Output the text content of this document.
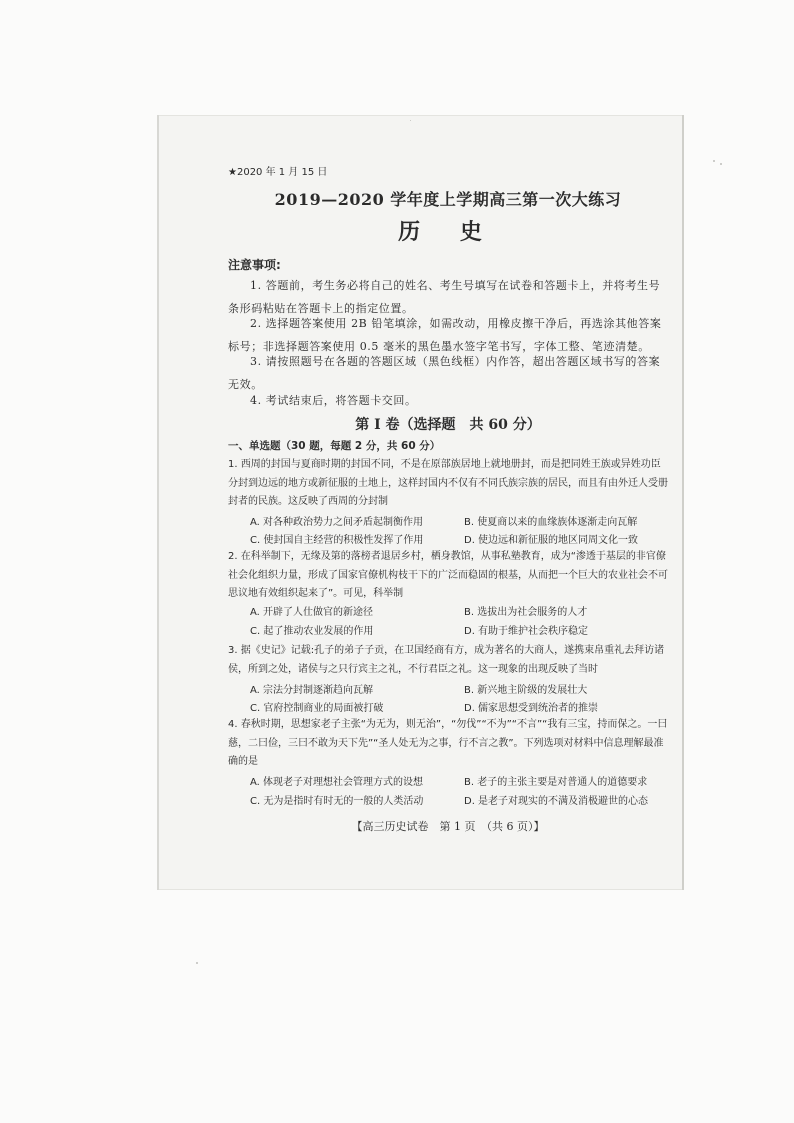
★2020 年 1 月 15 日
2019—2020 学年度上学期高三第一次大练习
历 史
注意事项:
1. 答题前，考生务必将自己的姓名、考生号填写在试卷和答题卡上，并将考生号条形码粘贴在答题卡上的指定位置。
2. 选择题答案使用 2B 铅笔填涂，如需改动，用橡皮擦干净后，再选涂其他答案标号；非选择题答案使用 0.5 毫米的黑色墨水签字笔书写，字体工整、笔迹清楚。
3. 请按照题号在各题的答题区域（黑色线框）内作答，超出答题区域书写的答案无效。
4. 考试结束后，将答题卡交回。
第 I 卷（选择题　共 60 分）
一、单选题（30 题，每题 2 分，共 60 分）
1. 西周的封国与夏商时期的封国不同，不是在原部族居地上就地册封，而是把同姓王族或异姓功臣分封到边远的地方或新征服的土地上，这样封国内不仅有不同氏族宗族的居民，而且有由外迁人受册封者的民族。这反映了西周的分封制
A. 对各种政治势力之间矛盾起制衡作用	B. 使夏商以来的血缘族体逐渐走向瓦解
C. 使封国自主经营的积极性发挥了作用	D. 使边远和新征服的地区同周文化一致
2. 在科举制下，无缘及第的落榜者退居乡村，栖身教馆，从事私塾教育，成为“渗透于基层的非官僚社会化组织力量，形成了国家官僚机构枝干下的广泛而稳固的根基，从而把一个巨大的农业社会不可思议地有效组织起来了”。可见，科举制
A. 开辟了人仕做官的新途径	B. 选拔出为社会服务的人才
C. 起了推动农业发展的作用	D. 有助于维护社会秩序稳定
3. 据《史记》记载:孔子的弟子子贡，在卫国经商有方，成为著名的大商人，遂携束帛重礼去拜访诸侯，所到之处，诸侯与之只行宾主之礼，不行君臣之礼。这一现象的出现反映了当时
A. 宗法分封制逐渐趋向瓦解	B. 新兴地主阶级的发展壮大
C. 官府控制商业的局面被打破	D. 儒家思想受到统治者的推崇
4. 春秋时期，思想家老子主张“为无为，则无治”，“勿伐”“不为”“不言”“我有三宝，持而保之。一曰慈，二曰俭，三曰不敢为天下先”“圣人处无为之事，行不言之教”。下列选项对材料中信息理解最准确的是
A. 体现老子对理想社会管理方式的设想	B. 老子的主张主要是对普通人的道德要求
C. 无为是指时有时无的一般的人类活动	D. 是老子对现实的不满及消极避世的心态
【高三历史试卷　第 1 页　（共 6 页）】
